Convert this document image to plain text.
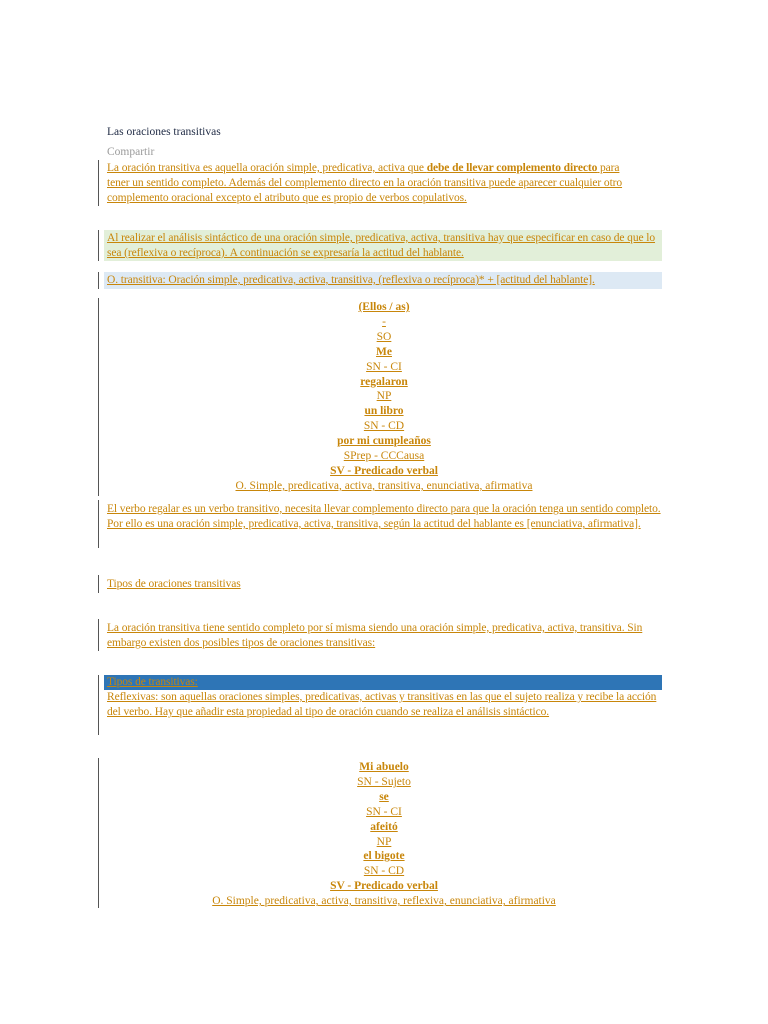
Las oraciones transitivas
Compartir
La oración transitiva es aquella oración simple, predicativa, activa que debe de llevar complemento directo para tener un sentido completo. Además del complemento directo en la oración transitiva puede aparecer cualquier otro complemento oracional excepto el atributo que es propio de verbos copulativos.
Al realizar el análisis sintáctico de una oración simple, predicativa, activa, transitiva hay que especificar en caso de que lo sea (reflexiva o recíproca). A continuación se expresaría la actitud del hablante.
O. transitiva: Oración simple, predicativa, activa, transitiva, (reflexiva o recíproca)* + [actitud del hablante].
(Ellos / as)
-
SO
Me
SN - CI
regalaron
NP
un libro
SN - CD
por mi cumpleaños
SPrep - CCCausa
SV - Predicado verbal
O. Simple, predicativa, activa, transitiva, enunciativa, afirmativa
El verbo regalar es un verbo transitivo, necesita llevar complemento directo para que la oración tenga un sentido completo. Por ello es una oración simple, predicativa, activa, transitiva, según la actitud del hablante es [enunciativa, afirmativa].
Tipos de oraciones transitivas
La oración transitiva tiene sentido completo por sí misma siendo una oración simple, predicativa, activa, transitiva. Sin embargo existen dos posibles tipos de oraciones transitivas:
Tipos de transitivas:
Reflexivas: son aquellas oraciones simples, predicativas, activas y transitivas en las que el sujeto realiza y recibe la acción del verbo. Hay que añadir esta propiedad al tipo de oración cuando se realiza el análisis sintáctico.
Mi abuelo
SN - Sujeto
se
SN - CI
afeitó
NP
el bigote
SN - CD
SV - Predicado verbal
O. Simple, predicativa, activa, transitiva, reflexiva, enunciativa, afirmativa
